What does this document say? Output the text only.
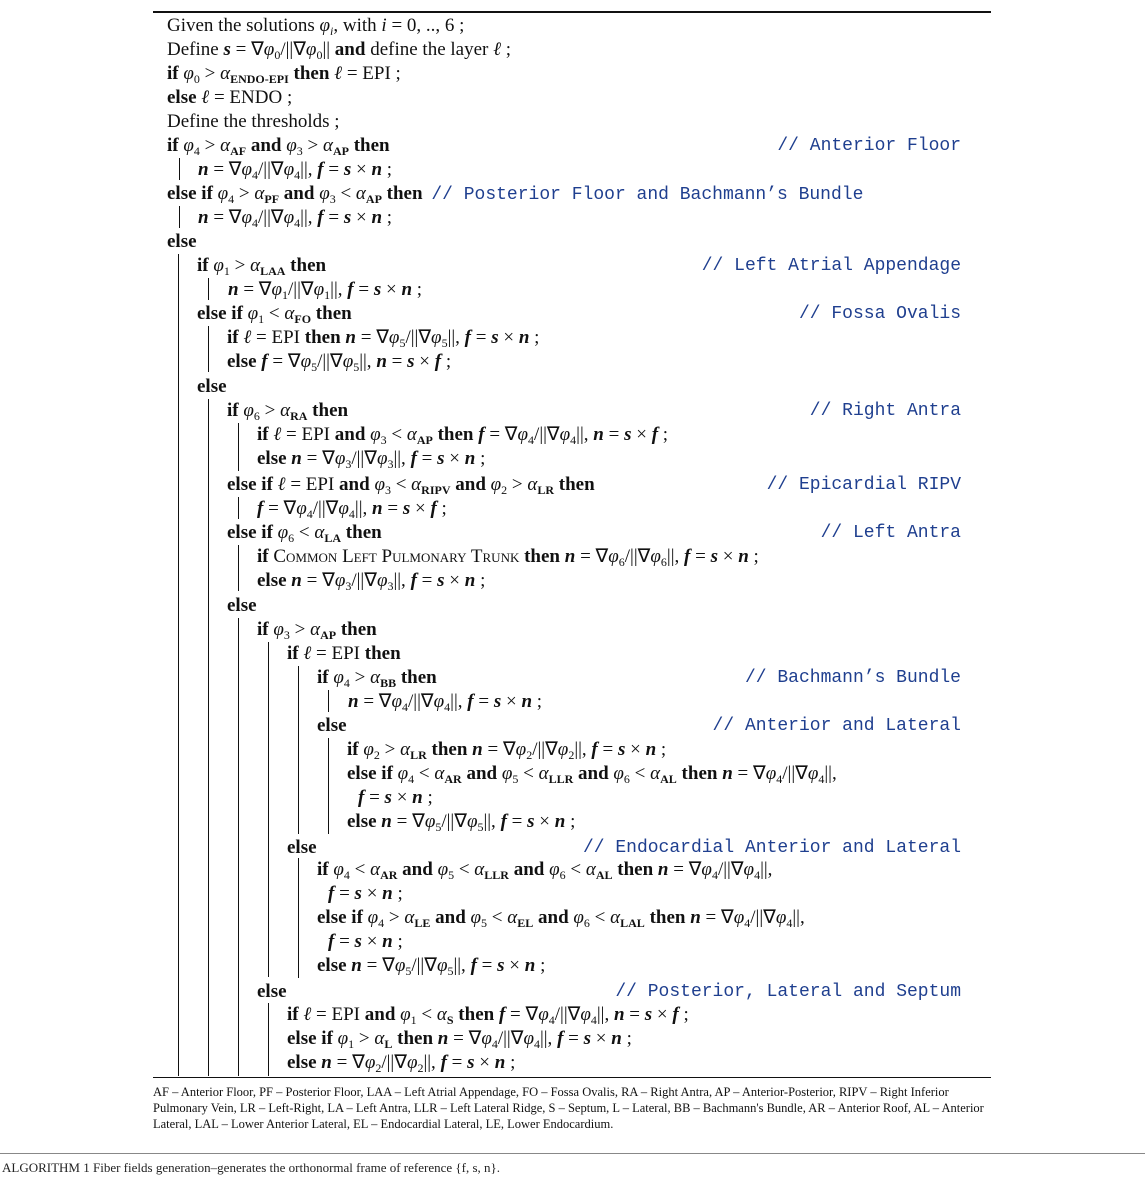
Given the solutions $\varphi_i$, with i = 0, .., 6 ;
Define $s = \nabla\varphi_0/||\nabla\varphi_0||$ and define the layer ℓ ;
if $\varphi_0 > \alpha_{ENDO-EPI}$ then ℓ = EPI ;
else ℓ = ENDO ;
Define the thresholds ;
if $\varphi_4 > \alpha_{AF}$ and $\varphi_3 > \alpha_{AP}$ then	// Anterior Floor
$n = \nabla\varphi_4/||\nabla\varphi_4||$, f = s × n ;
else if $\varphi_4 > \alpha_{PF}$ and $\varphi_3 < \alpha_{AP}$ then // Posterior Floor and Bachmann’s Bundle
$n = \nabla\varphi_4/||\nabla\varphi_4||$, f = s × n ;
else
if $\varphi_1 > \alpha_{LAA}$ then	// Left Atrial Appendage
$n = \nabla\varphi_1/||\nabla\varphi_1||$, f = s × n ;
else if $\varphi_1 < \alpha_{FO}$ then	// Fossa Ovalis
if ℓ = EPI then $n = \nabla\varphi_5/||\nabla\varphi_5||$, f = s × n ;
else $f = \nabla\varphi_5/||\nabla\varphi_5||$, n = s × f ;
else
if $\varphi_6 > \alpha_{RA}$ then	// Right Antra
if ℓ = EPI and $\varphi_3 < \alpha_{AP}$ then $f = \nabla\varphi_4/||\nabla\varphi_4||$, n = s × f ;
else $n = \nabla\varphi_3/||\nabla\varphi_3||$, f = s × n ;
else if ℓ = EPI and $\varphi_3 < \alpha_{RIPV}$ and $\varphi_2 > \alpha_{LR}$ then	// Epicardial RIPV
$f = \nabla\varphi_4/||\nabla\varphi_4||$, n = s × f ;
else if $\varphi_6 < \alpha_{LA}$ then	// Left Antra
if Common Left Pulmonary Trunk then $n = \nabla\varphi_6/||\nabla\varphi_6||$, f = s × n ;
else $n = \nabla\varphi_3/||\nabla\varphi_3||$, f = s × n ;
else
if $\varphi_3 > \alpha_{AP}$ then
if ℓ = EPI then
if $\varphi_4 > \alpha_{BB}$ then	// Bachmann’s Bundle
$n = \nabla\varphi_4/||\nabla\varphi_4||$, f = s × n ;
else	// Anterior and Lateral
if $\varphi_2 > \alpha_{LR}$ then $n = \nabla\varphi_2/||\nabla\varphi_2||$, f = s × n ;
else if $\varphi_4 < \alpha_{AR}$ and $\varphi_5 < \alpha_{LLR}$ and $\varphi_6 < \alpha_{AL}$ then $n = \nabla\varphi_4/||\nabla\varphi_4||$,
f = s × n ;
else $n = \nabla\varphi_5/||\nabla\varphi_5||$, f = s × n ;
else	// Endocardial Anterior and Lateral
if $\varphi_4 < \alpha_{AR}$ and $\varphi_5 < \alpha_{LLR}$ and $\varphi_6 < \alpha_{AL}$ then $n = \nabla\varphi_4/||\nabla\varphi_4||$,
f = s × n ;
else if $\varphi_4 > \alpha_{LE}$ and $\varphi_5 < \alpha_{EL}$ and $\varphi_6 < \alpha_{LAL}$ then $n = \nabla\varphi_4/||\nabla\varphi_4||$,
f = s × n ;
else $n = \nabla\varphi_5/||\nabla\varphi_5||$, f = s × n ;
else	// Posterior, Lateral and Septum
if ℓ = EPI and $\varphi_1 < \alpha_S$ then $f = \nabla\varphi_4/||\nabla\varphi_4||$, n = s × f ;
else if $\varphi_1 > \alpha_L$ then $n = \nabla\varphi_4/||\nabla\varphi_4||$, f = s × n ;
else $n = \nabla\varphi_2/||\nabla\varphi_2||$, f = s × n ;
AF – Anterior Floor, PF – Posterior Floor, LAA – Left Atrial Appendage, FO – Fossa Ovalis, RA – Right Antra, AP – Anterior-Posterior, RIPV – Right Inferior Pulmonary Vein, LR – Left-Right, LA – Left Antra, LLR – Left Lateral Ridge, S – Septum, L – Lateral, BB – Bachmann's Bundle, AR – Anterior Roof, AL – Anterior Lateral, LAL – Lower Anterior Lateral, EL – Endocardial Lateral, LE, Lower Endocardium.
ALGORITHM 1 Fiber fields generation–generates the orthonormal frame of reference {f, s, n}.
